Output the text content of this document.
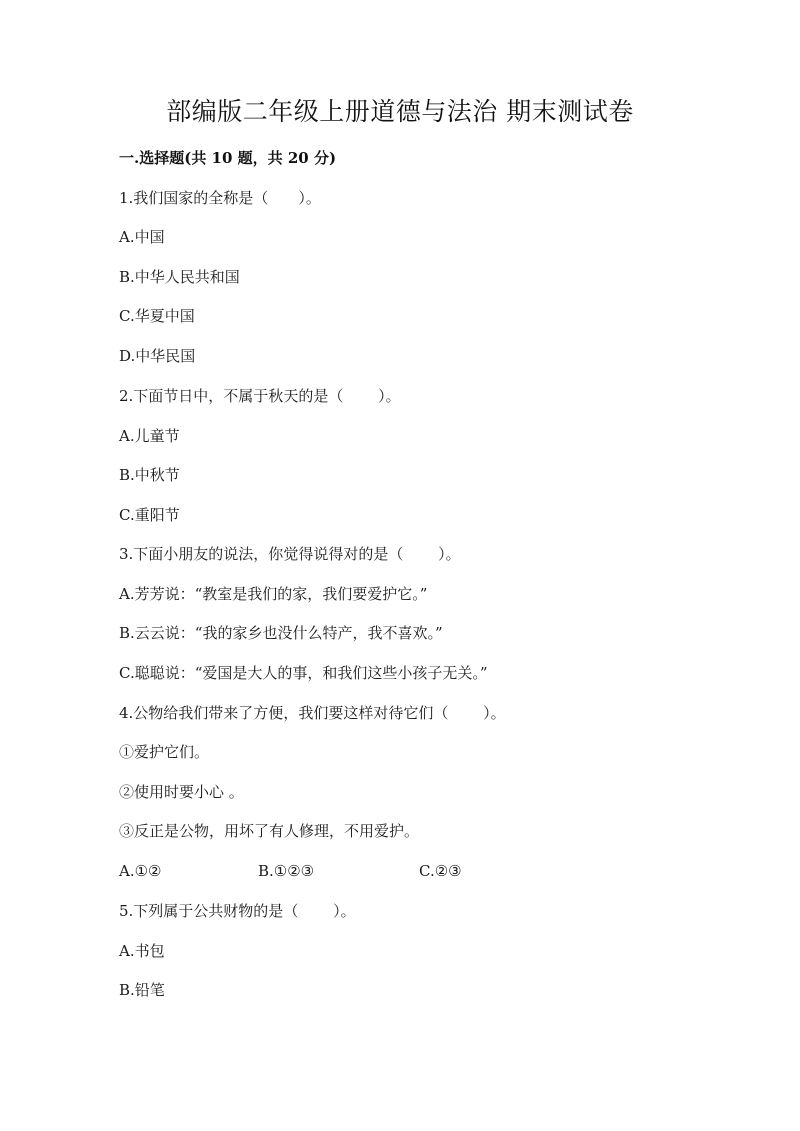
部编版二年级上册道德与法治 期末测试卷
一.选择题(共 10 题，共 20 分)
1.我们国家的全称是（　　）。
A.中国
B.中华人民共和国
C.华夏中国
D.中华民国
2.下面节日中，不属于秋天的是（　　 ）。
A.儿童节
B.中秋节
C.重阳节
3.下面小朋友的说法，你觉得说得对的是（　　 ）。
A.芳芳说：“教室是我们的家，我们要爱护它。”
B.云云说：“我的家乡也没什么特产，我不喜欢。”
C.聪聪说：“爱国是大人的事，和我们这些小孩子无关。”
4.公物给我们带来了方便，我们要这样对待它们（　　 ）。
①爱护它们。
②使用时要小心 。
③反正是公物，用坏了有人修理，不用爱护。
A.①②	B.①②③	C.②③
5.下列属于公共财物的是（　　 ）。
A.书包
B.铅笔
